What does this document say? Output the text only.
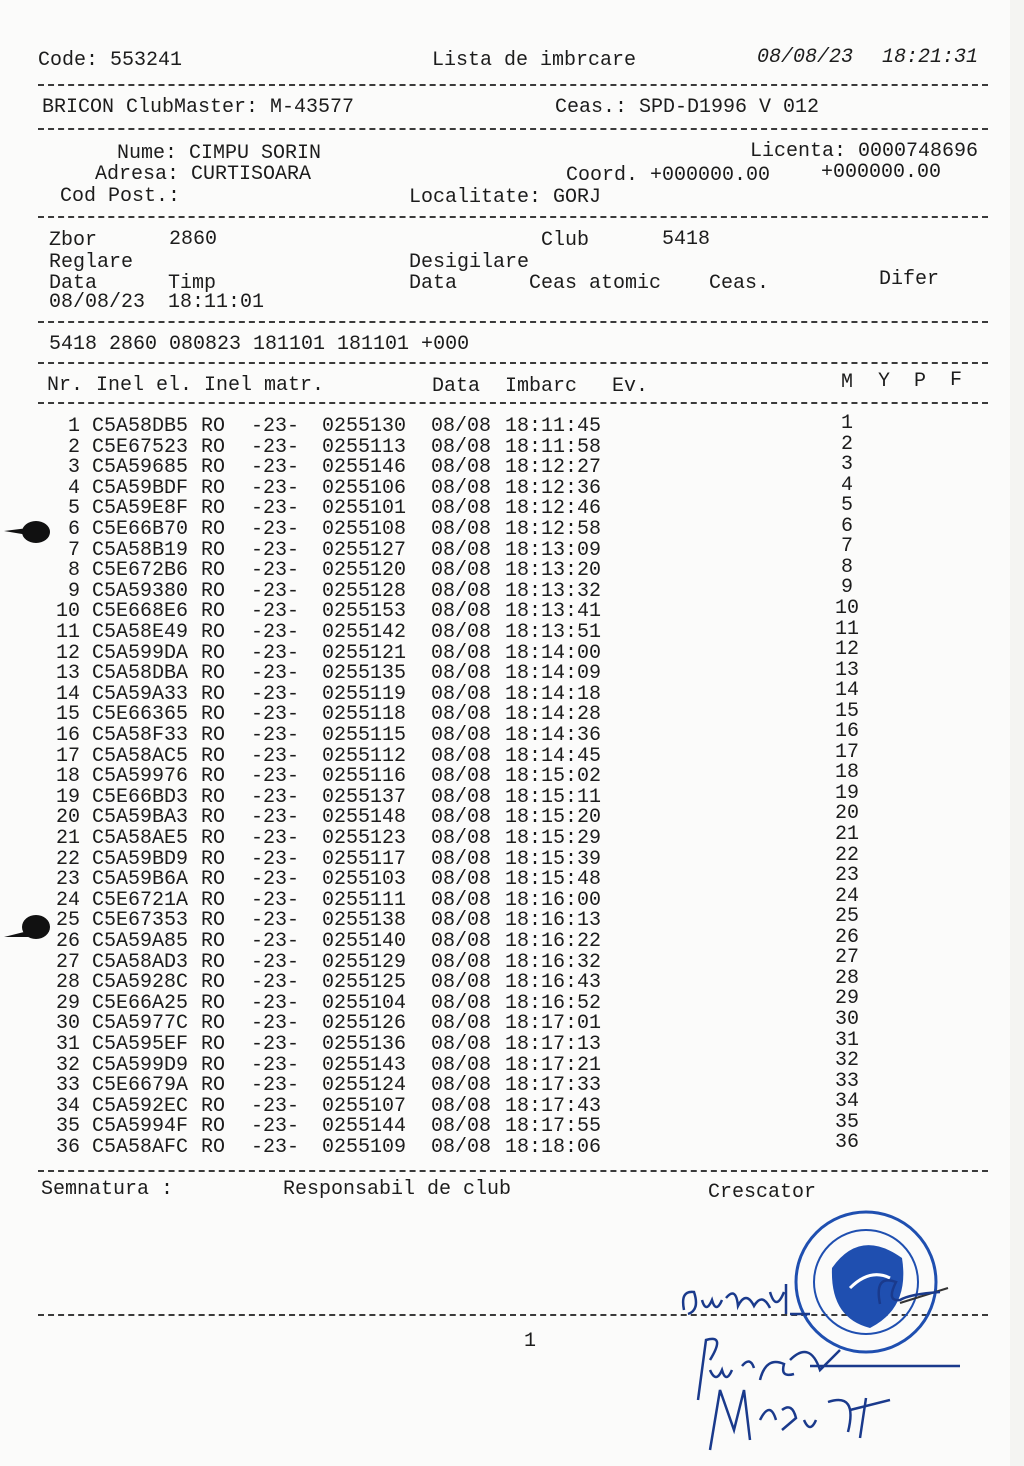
Code: 553241	Lista de imbrcare	08/08/23 18:21:31
BRICON ClubMaster: M-43577	Ceas.: SPD-D1996 V 012
Nume: CIMPU SORIN
Adresa: CURTISOARA
Cod Post.:
Licenta: 0000748696
Coord. +000000.00	+000000.00
Localitate: GORJ
Zbor	2860	Club	5418
Reglare	Desigilare
Data	Timp	Data	Ceas atomic Ceas.	Difer
08/08/23 18:11:01
5418 2860 080823 181101 181101 +000
Nr. Inel el. Inel matr.	Data Imbarc Ev.	M Y P F
1 C5A58DB5 RO -23- 0255130 08/08 18:11:45	1
2 C5E67523 RO -23- 0255113 08/08 18:11:58	2
3 C5A59685 RO -23- 0255146 08/08 18:12:27	3
4 C5A59BDF RO -23- 0255106 08/08 18:12:36	4
5 C5A59E8F RO -23- 0255101 08/08 18:12:46	5
6 C5E66B70 RO -23- 0255108 08/08 18:12:58	6
7 C5A58B19 RO -23- 0255127 08/08 18:13:09	7
8 C5E672B6 RO -23- 0255120 08/08 18:13:20	8
9 C5A59380 RO -23- 0255128 08/08 18:13:32	9
10 C5E668E6 RO -23- 0255153 08/08 18:13:41	10
11 C5A58E49 RO -23- 0255142 08/08 18:13:51	11
12 C5A599DA RO -23- 0255121 08/08 18:14:00	12
13 C5A58DBA RO -23- 0255135 08/08 18:14:09	13
14 C5A59A33 RO -23- 0255119 08/08 18:14:18	14
15 C5E66365 RO -23- 0255118 08/08 18:14:28	15
16 C5A58F33 RO -23- 0255115 08/08 18:14:36	16
17 C5A58AC5 RO -23- 0255112 08/08 18:14:45	17
18 C5A59976 RO -23- 0255116 08/08 18:15:02	18
19 C5E66BD3 RO -23- 0255137 08/08 18:15:11	19
20 C5A59BA3 RO -23- 0255148 08/08 18:15:20	20
21 C5A58AE5 RO -23- 0255123 08/08 18:15:29	21
22 C5A59BD9 RO -23- 0255117 08/08 18:15:39	22
23 C5A59B6A RO -23- 0255103 08/08 18:15:48	23
24 C5E6721A RO -23- 0255111 08/08 18:16:00	24
25 C5E67353 RO -23- 0255138 08/08 18:16:13	25
26 C5A59A85 RO -23- 0255140 08/08 18:16:22	26
27 C5A58AD3 RO -23- 0255129 08/08 18:16:32	27
28 C5A5928C RO -23- 0255125 08/08 18:16:43	28
29 C5E66A25 RO -23- 0255104 08/08 18:16:52	29
30 C5A5977C RO -23- 0255126 08/08 18:17:01	30
31 C5A595EF RO -23- 0255136 08/08 18:17:13	31
32 C5A599D9 RO -23- 0255143 08/08 18:17:21	32
33 C5E6679A RO -23- 0255124 08/08 18:17:33	33
34 C5A592EC RO -23- 0255107 08/08 18:17:43	34
35 C5A5994F RO -23- 0255144 08/08 18:17:55	35
36 C5A58AFC RO -23- 0255109 08/08 18:18:06	36
Semnatura :	Responsabil de club	Crescator
1
